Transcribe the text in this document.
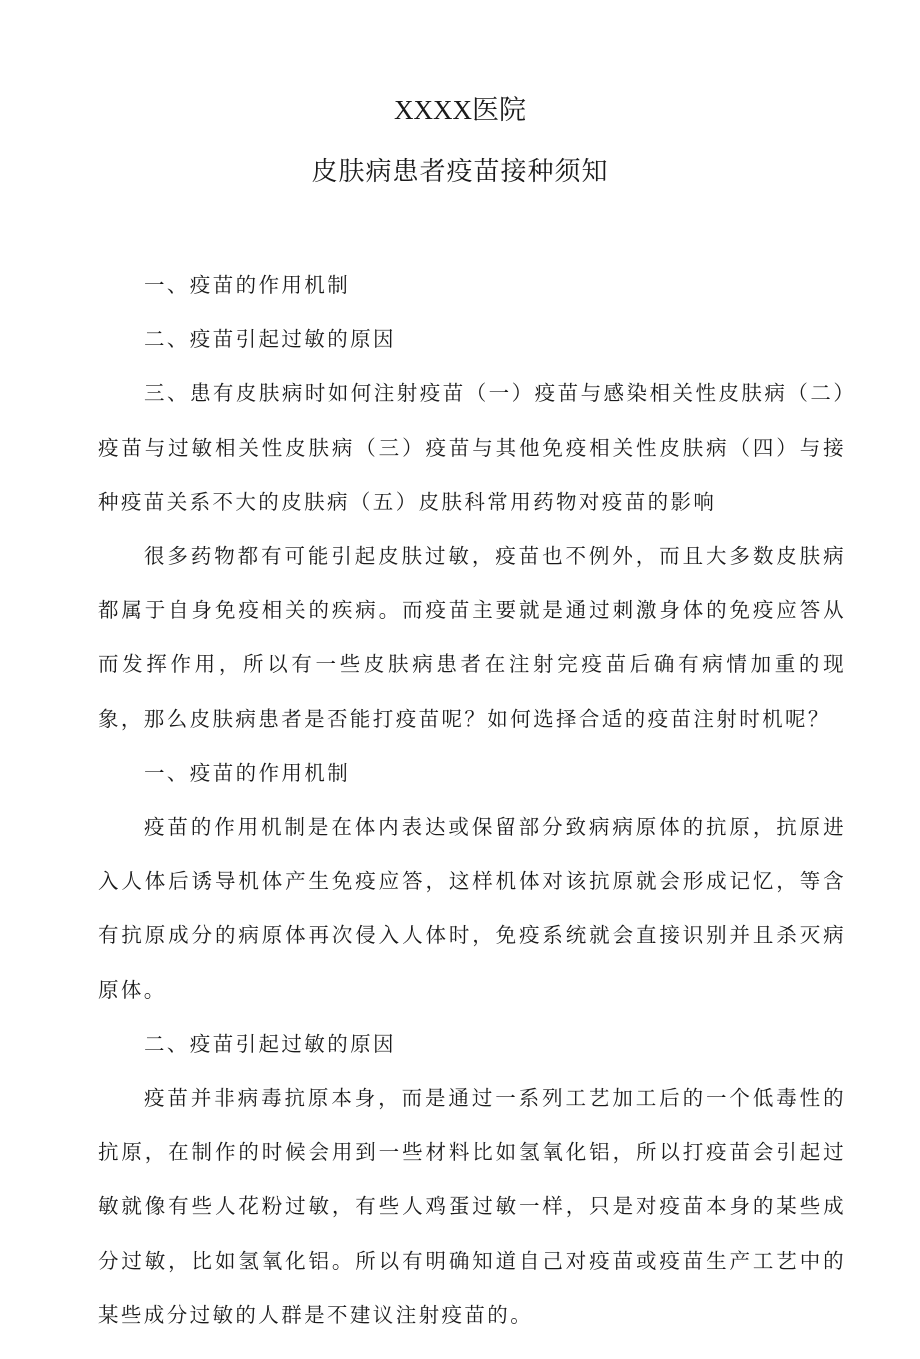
XXXX医院
皮肤病患者疫苗接种须知

一、疫苗的作用机制

二、疫苗引起过敏的原因

三、患有皮肤病时如何注射疫苗（一）疫苗与感染相关性皮肤病（二）疫苗与过敏相关性皮肤病（三）疫苗与其他免疫相关性皮肤病（四）与接种疫苗关系不大的皮肤病（五）皮肤科常用药物对疫苗的影响

很多药物都有可能引起皮肤过敏，疫苗也不例外，而且大多数皮肤病都属于自身免疫相关的疾病。而疫苗主要就是通过刺激身体的免疫应答从而发挥作用，所以有一些皮肤病患者在注射完疫苗后确有病情加重的现象，那么皮肤病患者是否能打疫苗呢？如何选择合适的疫苗注射时机呢？

一、疫苗的作用机制

疫苗的作用机制是在体内表达或保留部分致病病原体的抗原，抗原进入人体后诱导机体产生免疫应答，这样机体对该抗原就会形成记忆，等含有抗原成分的病原体再次侵入人体时，免疫系统就会直接识别并且杀灭病原体。

二、疫苗引起过敏的原因

疫苗并非病毒抗原本身，而是通过一系列工艺加工后的一个低毒性的抗原，在制作的时候会用到一些材料比如氢氧化铝，所以打疫苗会引起过敏就像有些人花粉过敏，有些人鸡蛋过敏一样，只是对疫苗本身的某些成分过敏，比如氢氧化铝。所以有明确知道自己对疫苗或疫苗生产工艺中的某些成分过敏的人群是不建议注射疫苗的。
